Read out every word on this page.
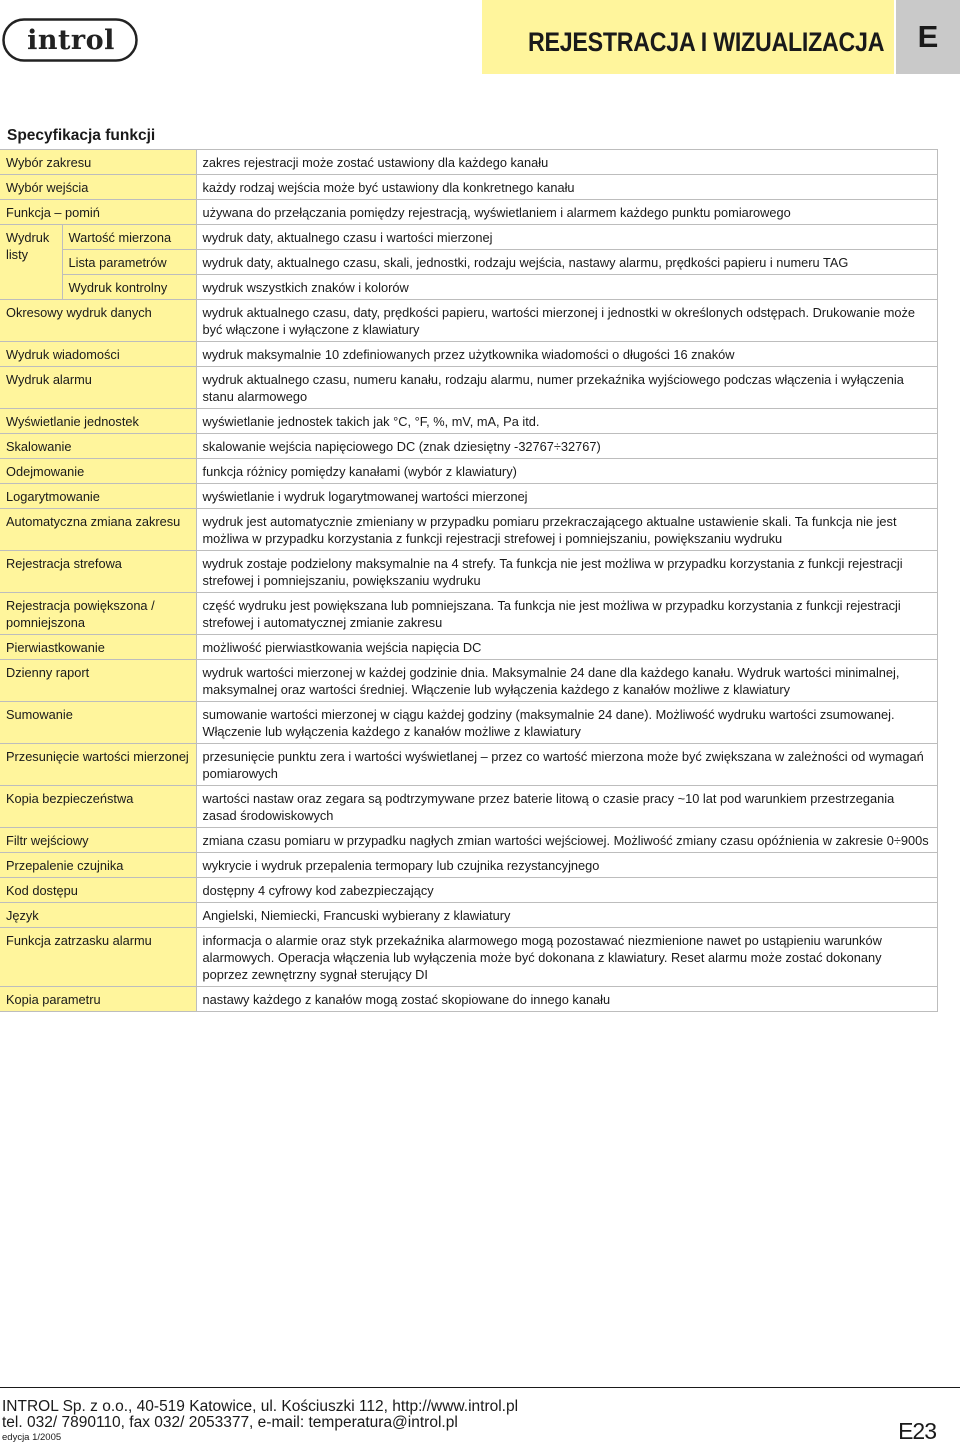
introl	REJESTRACJA I WIZUALIZACJA	E
Specyfikacja funkcji
Wybór zakresu		zakres rejestracji może zostać ustawiony dla każdego kanału
Wybór wejścia		każdy rodzaj wejścia może być ustawiony dla konkretnego kanału
Funkcja – pomiń		używana do przełączania pomiędzy rejestracją, wyświetlaniem i alarmem każdego punktu pomiarowego
Wydruk listy	Wartość mierzona	wydruk daty, aktualnego czasu i wartości mierzonej
	Lista parametrów	wydruk daty, aktualnego czasu, skali, jednostki, rodzaju wejścia, nastawy alarmu, prędkości papieru i numeru TAG
	Wydruk kontrolny	wydruk wszystkich znaków i kolorów
Okresowy wydruk danych		wydruk aktualnego czasu, daty, prędkości papieru, wartości mierzonej i jednostki w określonych odstępach. Drukowanie może być włączone i wyłączone z klawiatury
Wydruk wiadomości		wydruk maksymalnie 10 zdefiniowanych przez użytkownika wiadomości o długości 16 znaków
Wydruk alarmu		wydruk aktualnego czasu, numeru kanału, rodzaju alarmu, numer przekaźnika wyjściowego podczas włączenia i wyłączenia stanu alarmowego
Wyświetlanie jednostek		wyświetlanie jednostek takich jak °C, °F, %, mV, mA, Pa itd.
Skalowanie		skalowanie wejścia napięciowego DC (znak dziesiętny -32767÷32767)
Odejmowanie		funkcja różnicy pomiędzy kanałami (wybór z klawiatury)
Logarytmowanie		wyświetlanie i wydruk logarytmowanej wartości mierzonej
Automatyczna zmiana zakresu		wydruk jest automatycznie zmieniany w przypadku pomiaru przekraczającego aktualne ustawienie skali. Ta funkcja nie jest możliwa w przypadku korzystania z funkcji rejestracji strefowej i pomniejszaniu, powiększaniu wydruku
Rejestracja strefowa		wydruk zostaje podzielony maksymalnie na 4 strefy. Ta funkcja nie jest możliwa w przypadku korzystania z funkcji rejestracji strefowej i pomniejszaniu, powiększaniu wydruku
Rejestracja powiększona / pomniejszona		część wydruku jest powiększana lub pomniejszana. Ta funkcja nie jest możliwa w przypadku korzystania z funkcji rejestracji strefowej i automatycznej zmianie zakresu
Pierwiastkowanie		możliwość pierwiastkowania wejścia napięcia DC
Dzienny raport		wydruk wartości mierzonej w każdej godzinie dnia. Maksymalnie 24 dane dla każdego kanału. Wydruk wartości minimalnej, maksymalnej oraz wartości średniej. Włączenie lub wyłączenia każdego z kanałów możliwe z klawiatury
Sumowanie		sumowanie wartości mierzonej w ciągu każdej godziny (maksymalnie 24 dane). Możliwość wydruku wartości zsumowanej. Włączenie lub wyłączenia każdego z kanałów możliwe z klawiatury
Przesunięcie wartości mierzonej		przesunięcie punktu zera i wartości wyświetlanej – przez co wartość mierzona może być zwiększana w zależności od wymagań pomiarowych
Kopia bezpieczeństwa		wartości nastaw oraz zegara są podtrzymywane przez baterie litową o czasie pracy ~10 lat pod warunkiem przestrzegania zasad środowiskowych
Filtr wejściowy		zmiana czasu pomiaru w przypadku nagłych zmian wartości wejściowej. Możliwość zmiany czasu opóźnienia w zakresie 0÷900s
Przepalenie czujnika		wykrycie i wydruk przepalenia termopary lub czujnika rezystancyjnego
Kod dostępu		dostępny 4 cyfrowy kod zabezpieczający
Język		Angielski, Niemiecki, Francuski wybierany z klawiatury
Funkcja zatrzasku alarmu		informacja o alarmie oraz styk przekaźnika alarmowego mogą pozostawać niezmienione nawet po ustąpieniu warunków alarmowych. Operacja włączenia lub wyłączenia może być dokonana z klawiatury. Reset alarmu może zostać dokonany poprzez zewnętrzny sygnał sterujący DI
Kopia parametru		nastawy każdego z kanałów mogą zostać skopiowane do innego kanału
INTROL Sp. z o.o., 40-519 Katowice, ul. Kościuszki 112, http://www.introl.pl
tel. 032/ 7890110, fax 032/ 2053377, e-mail: temperatura@introl.pl
edycja 1/2005	E23
